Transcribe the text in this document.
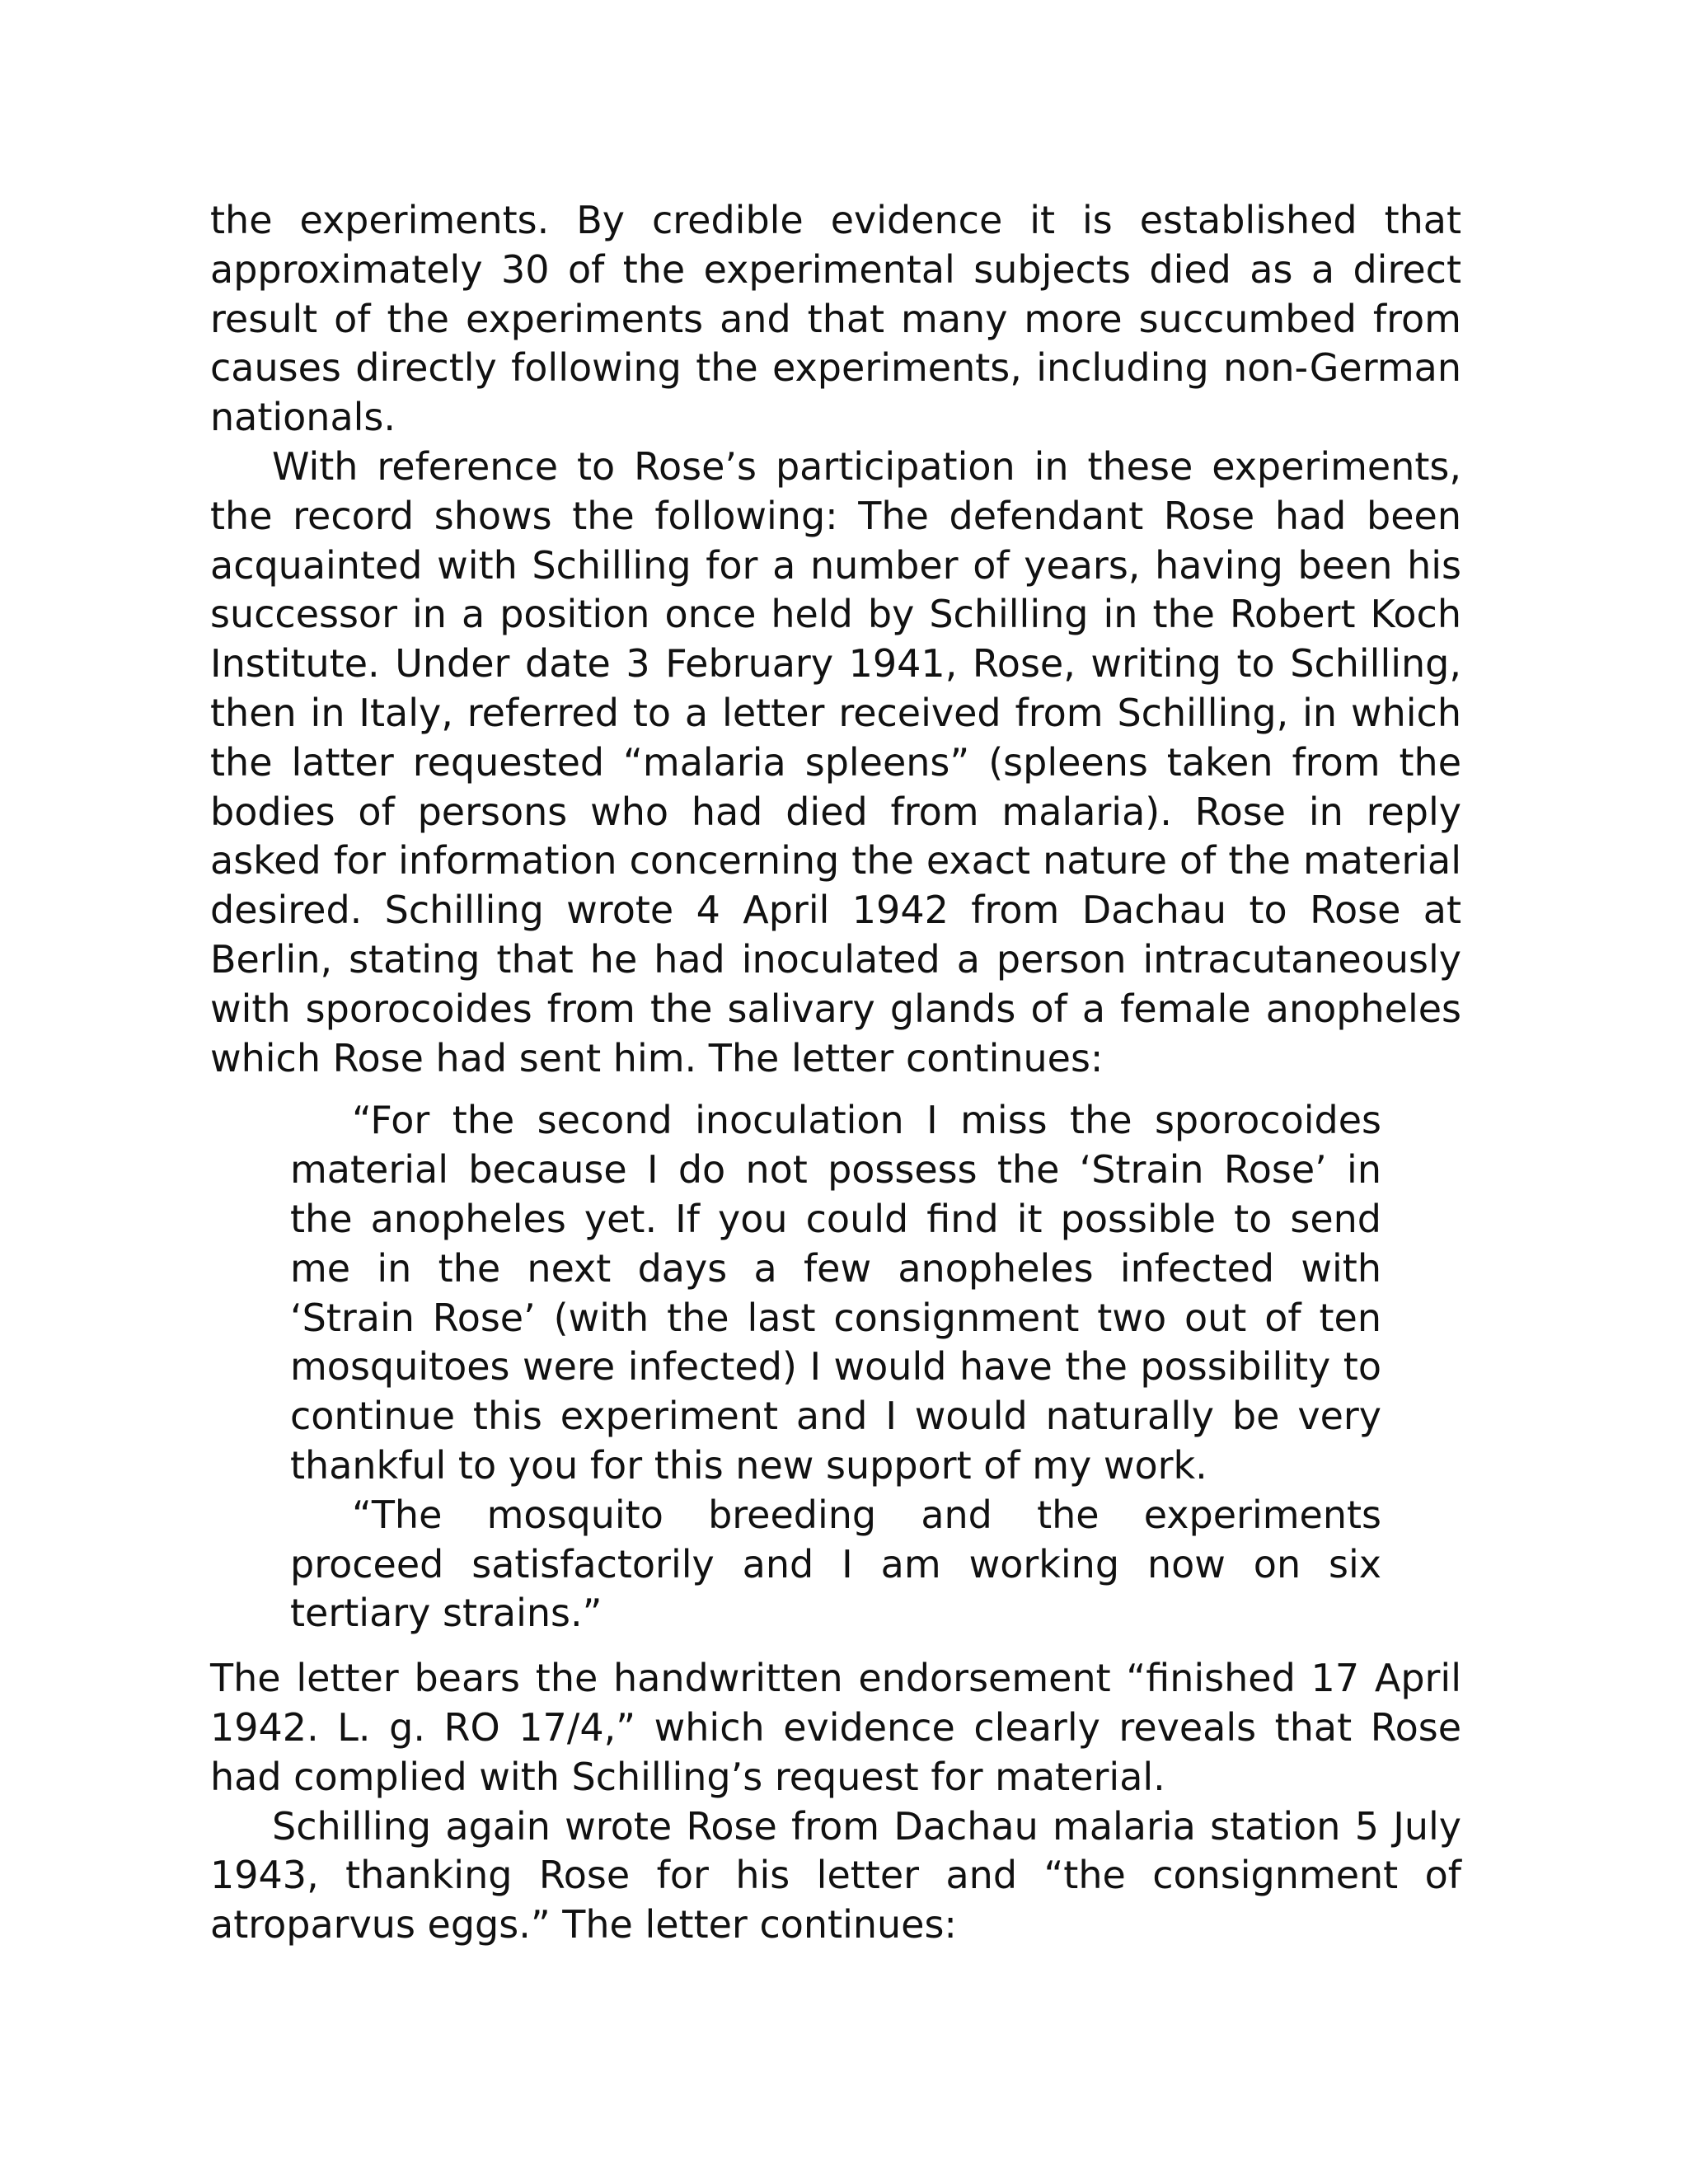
the experiments. By credible evidence it is established that approximately 30 of the experimental subjects died as a direct result of the experiments and that many more succumbed from causes directly following the experiments, including non-German nationals.

With reference to Rose’s participation in these experiments, the record shows the following: The defendant Rose had been acquainted with Schilling for a number of years, having been his successor in a position once held by Schilling in the Robert Koch Institute. Under date 3 February 1941, Rose, writing to Schilling, then in Italy, referred to a letter received from Schilling, in which the latter requested “malaria spleens” (spleens taken from the bodies of persons who had died from malaria). Rose in reply asked for information concerning the exact nature of the material desired. Schilling wrote 4 April 1942 from Dachau to Rose at Berlin, stating that he had inoculated a person intracutaneously with sporocoides from the salivary glands of a female anopheles which Rose had sent him. The letter continues:

“For the second inoculation I miss the sporocoides material because I do not possess the ‘Strain Rose’ in the anopheles yet. If you could find it possible to send me in the next days a few anopheles infected with ‘Strain Rose’ (with the last consignment two out of ten mosquitoes were infected) I would have the possibility to continue this experiment and I would naturally be very thankful to you for this new support of my work.

“The mosquito breeding and the experiments proceed satisfactorily and I am working now on six tertiary strains.”

The letter bears the handwritten endorsement “finished 17 April 1942. L. g. RO 17/4,” which evidence clearly reveals that Rose had complied with Schilling’s request for material.

Schilling again wrote Rose from Dachau malaria station 5 July 1943, thanking Rose for his letter and “the consignment of atroparvus eggs.” The letter continues:
